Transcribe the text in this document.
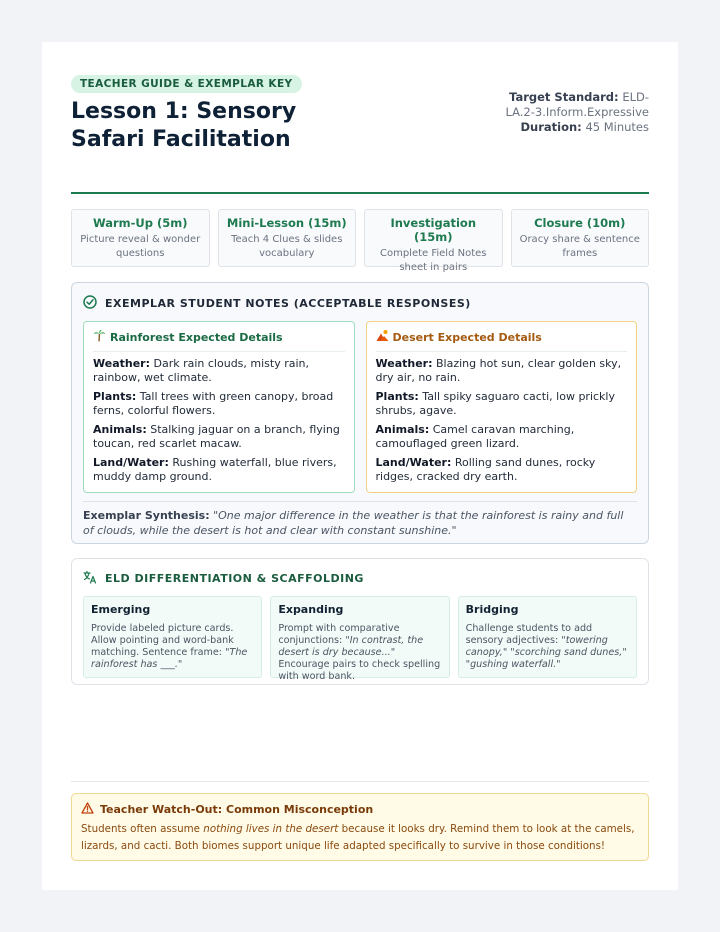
TEACHER GUIDE & EXEMPLAR KEY
Lesson 1: Sensory Safari Facilitation
Target Standard: ELD-LA.2-3.Inform.Expressive
Duration: 45 Minutes
Warm-Up (5m)
Picture reveal & wonder questions
Mini-Lesson (15m)
Teach 4 Clues & slides vocabulary
Investigation (15m)
Complete Field Notes sheet in pairs
Closure (10m)
Oracy share & sentence frames
EXEMPLAR STUDENT NOTES (ACCEPTABLE RESPONSES)
Rainforest Expected Details
Weather: Dark rain clouds, misty rain, rainbow, wet climate.
Plants: Tall trees with green canopy, broad ferns, colorful flowers.
Animals: Stalking jaguar on a branch, flying toucan, red scarlet macaw.
Land/Water: Rushing waterfall, blue rivers, muddy damp ground.
Desert Expected Details
Weather: Blazing hot sun, clear golden sky, dry air, no rain.
Plants: Tall spiky saguaro cacti, low prickly shrubs, agave.
Animals: Camel caravan marching, camouflaged green lizard.
Land/Water: Rolling sand dunes, rocky ridges, cracked dry earth.
Exemplar Synthesis: "One major difference in the weather is that the rainforest is rainy and full of clouds, while the desert is hot and clear with constant sunshine."
ELD DIFFERENTIATION & SCAFFOLDING
Emerging
Provide labeled picture cards. Allow pointing and word-bank matching. Sentence frame: "The rainforest has ___."
Expanding
Prompt with comparative conjunctions: "In contrast, the desert is dry because..." Encourage pairs to check spelling with word bank.
Bridging
Challenge students to add sensory adjectives: "towering canopy," "scorching sand dunes," "gushing waterfall."
Teacher Watch-Out: Common Misconception
Students often assume nothing lives in the desert because it looks dry. Remind them to look at the camels, lizards, and cacti. Both biomes support unique life adapted specifically to survive in those conditions!
